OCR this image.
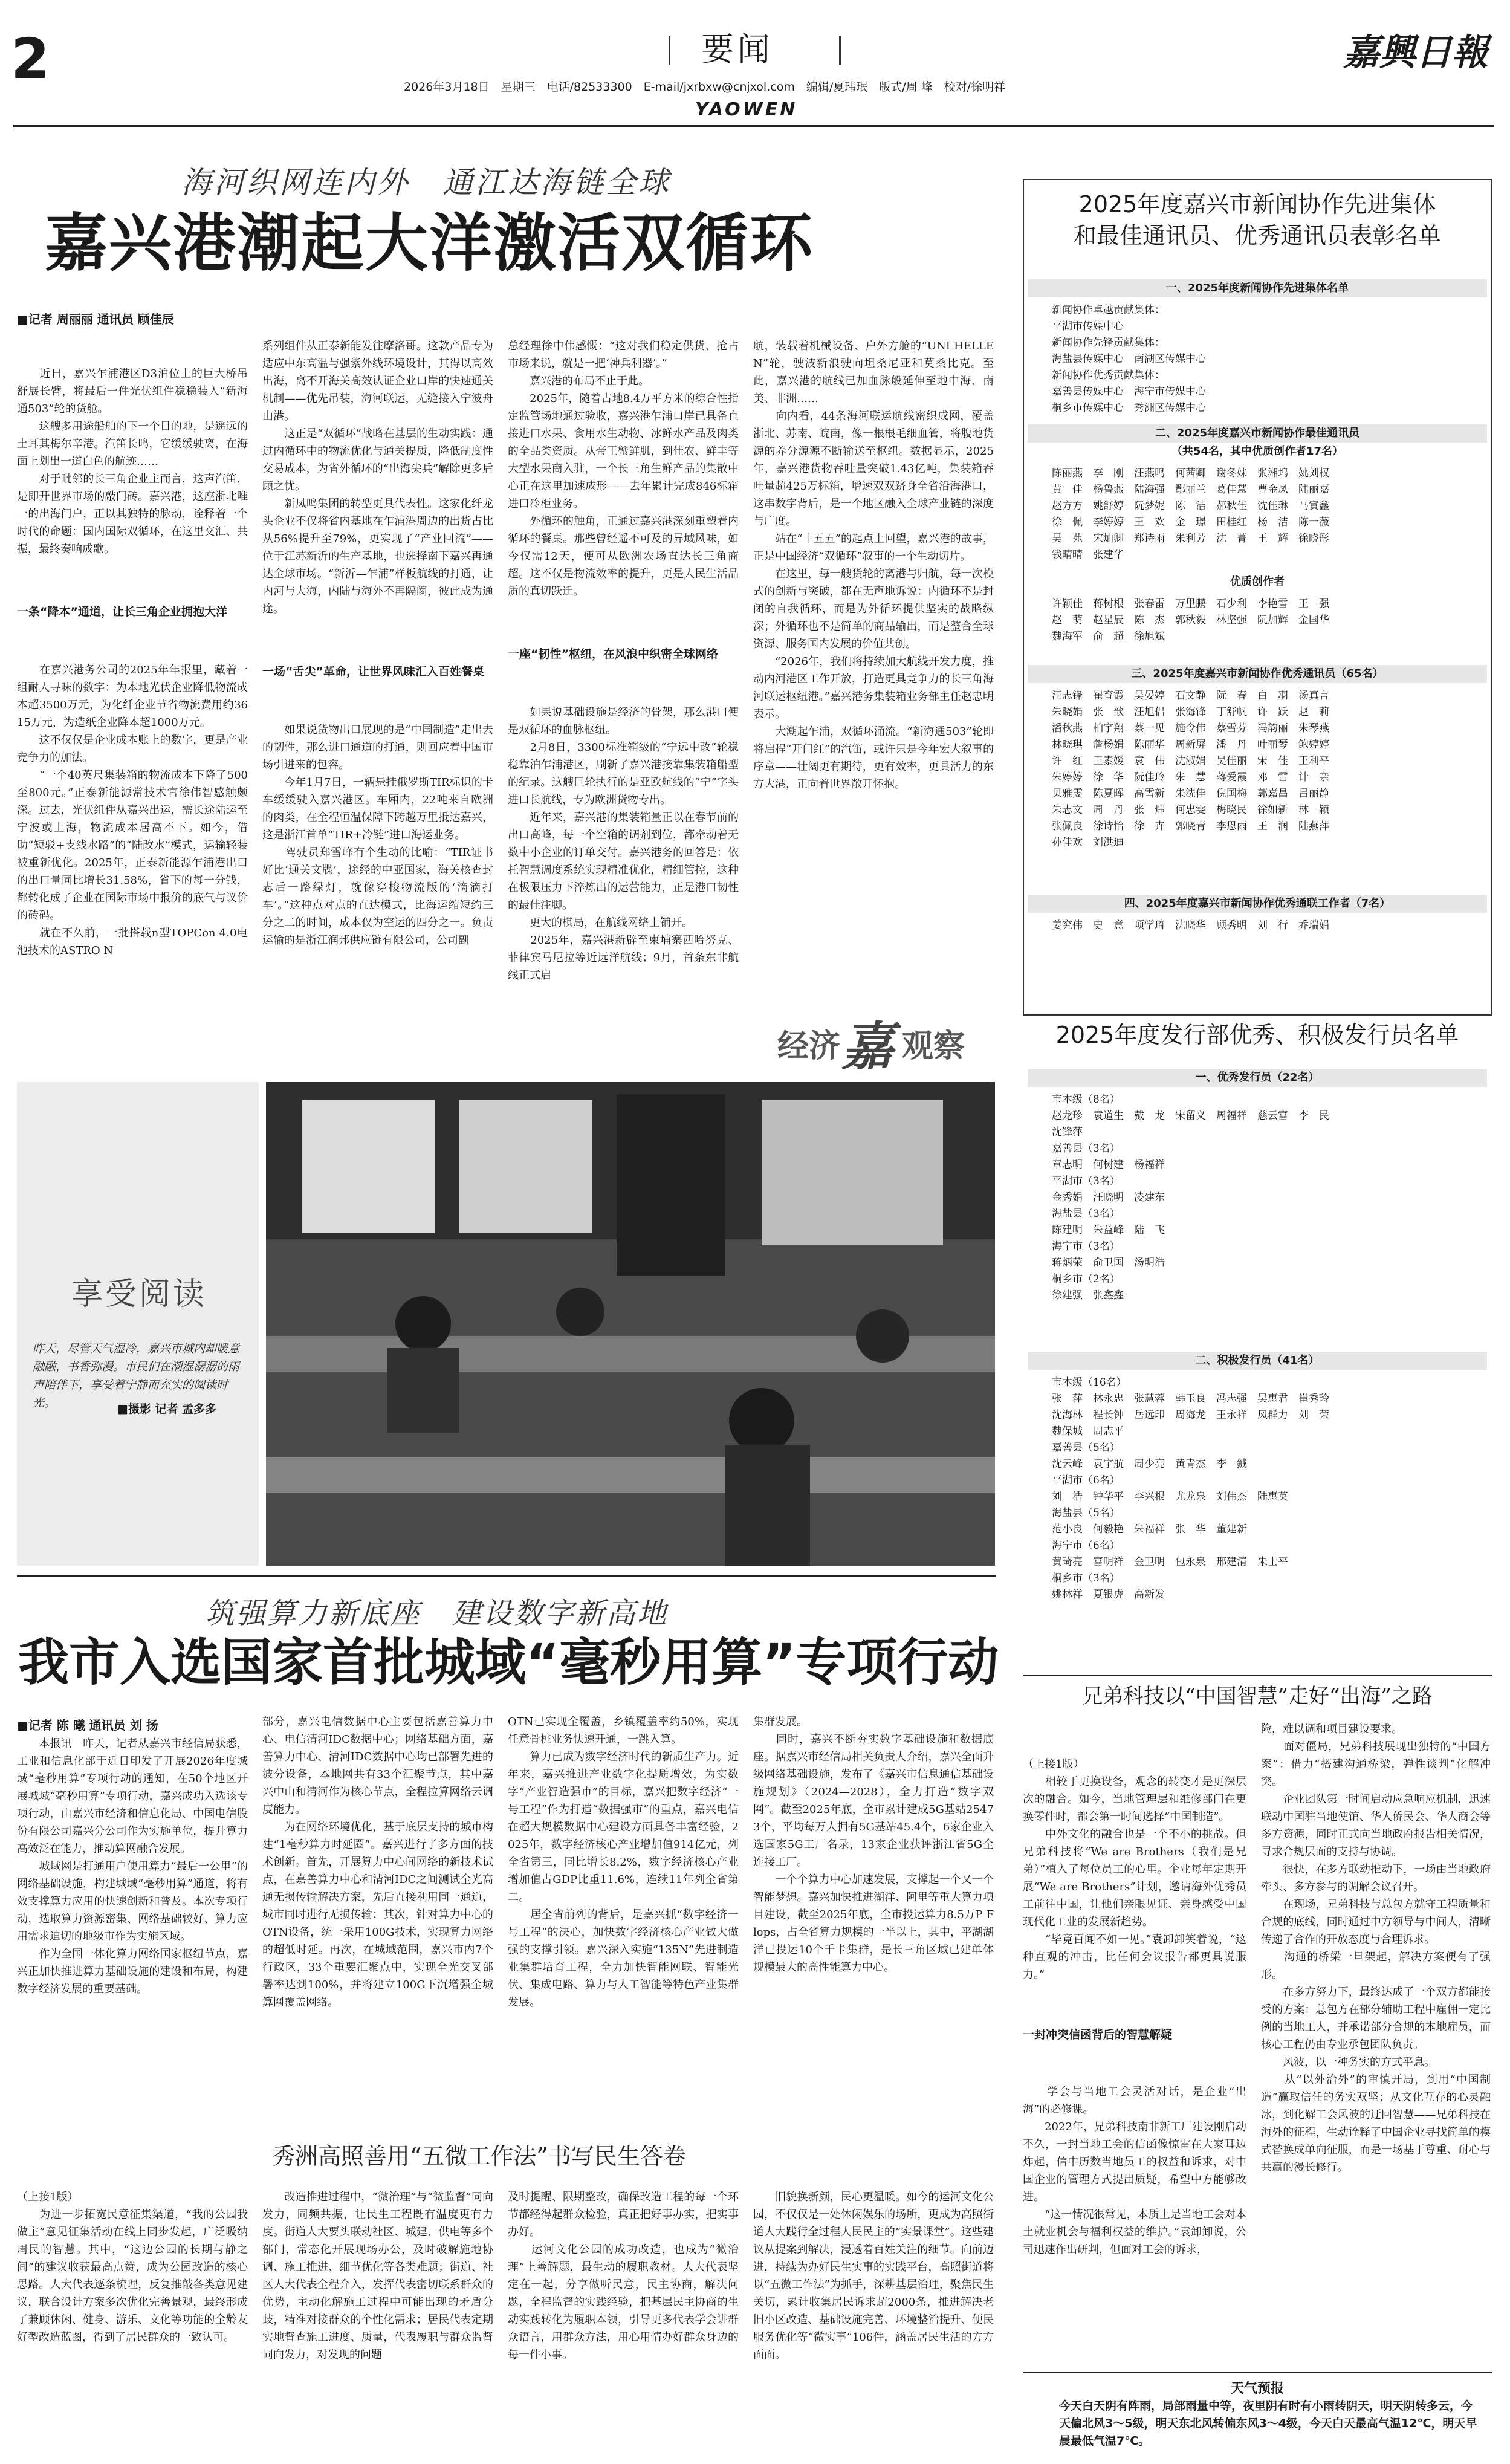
2	要闻
2026年3月18日　星期三　电话/82533300　E-mail/jxrbxw@cnjxol.com　编辑/夏玮珉　版式/周 峰　校对/徐明祥
YAOWEN
嘉興日報
海河织网连内外　通江达海链全球
嘉兴港潮起大洋激活双循环
■记者 周丽丽 通讯员 顾佳辰

　　近日，嘉兴乍浦港区D3泊位上的巨大桥吊舒展长臂，将最后一件光伏组件稳稳装入“新海通503”轮的货舱。
　　这艘多用途船舶的下一个目的地，是遥远的土耳其梅尔辛港。汽笛长鸣，它缓缓驶离，在海面上划出一道白色的航迹……
　　对于毗邻的长三角企业主而言，这声汽笛，是即开世界市场的敲门砖。嘉兴港，这座浙北唯一的出海门户，正以其独特的脉动，诠释着一个时代的命题：国内国际双循环，在这里交汇、共振，最终奏响成歌。

一条“降本”通道，让长三角企业拥抱大洋

　　在嘉兴港务公司的2025年年报里，藏着一组耐人寻味的数字：为本地光伏企业降低物流成本超3500万元，为化纤企业节省物流费用约3615万元，为造纸企业降本超1000万元。
　　这不仅仅是企业成本账上的数字，更是产业竞争力的加法。
　　“一个40英尺集装箱的物流成本下降了500至800元。”正泰新能源常技术官徐伟智感触颇深。过去，光伏组件从嘉兴出运，需长途陆运至宁波或上海，物流成本居高不下。如今，借助“短驳+支线水路”的“陆改水”模式，运输轻装被重新优化。2025年，正泰新能源乍浦港出口的出口量同比增长31.58%，省下的每一分钱，都转化成了企业在国际市场中报价的底气与议价的砖码。
　　就在不久前，一批搭载n型TOPCon 4.0电池技术的ASTRO N

系列组件从正泰新能发往摩洛哥。这款产品专为适应中东高温与强紫外线环境设计，其得以高效出海，离不开海关高效认证企业口岸的快速通关机制——优先吊装，海河联运，无缝接入宁波舟山港。
　　这正是“双循环”战略在基层的生动实践：通过内循环中的物流优化与通关提质，降低制度性交易成本，为省外循环的“出海尖兵”解除更多后顾之忧。
　　新凤鸣集团的转型更具代表性。这家化纤龙头企业不仅将省内基地在乍浦港周边的出货占比从56%提升至79%，更实现了“产业回流”——位于江苏新沂的生产基地，也选择南下嘉兴再通达全球市场。“新沂—乍浦”样板航线的打通，让内河与大海，内陆与海外不再隔阂，彼此成为通途。

一场“舌尖”革命，让世界风味汇入百姓餐桌

　　如果说货物出口展现的是“中国制造”走出去的韧性，那么进口通道的打通，则回应着中国市场引进来的包容。
　　今年1月7日，一辆悬挂俄罗斯TIR标识的卡车缓缓驶入嘉兴港区。车厢内，22吨来自欧洲的肉类，在全程恒温保障下跨越万里抵达嘉兴，这是浙江首单“TIR+冷链”进口海运业务。
　　驾驶员郑雪峰有个生动的比喻：“TIR证书好比‘通关文牒’，途经的中亚国家，海关核查封志后一路绿灯，就像穿梭物流版的‘滴滴打车’。”这种点对点的直达模式，比海运缩短约三分之二的时间，成本仅为空运的四分之一。负责运输的是浙江润邦供应链有限公司，公司副

总经理徐中伟感慨：“这对我们稳定供货、抢占市场来说，就是一把‘神兵利器’。”
　　嘉兴港的布局不止于此。
　　2025年，随着占地8.4万平方米的综合性指定监管场地通过验收，嘉兴港乍浦口岸已具备直接进口水果、食用水生动物、冰鲜水产品及肉类的全品类资质。从帝王蟹鲜肌，到佳农、鲜丰等大型水果商入驻，一个长三角生鲜产品的集散中心正在这里加速成形——去年累计完成846标箱进口冷柜业务。
　　外循环的触角，正通过嘉兴港深刻重塑着内循环的餐桌。那些曾经遥不可及的异域风味，如今仅需12天，便可从欧洲农场直达长三角商超。这不仅是物流效率的提升，更是人民生活品质的真切跃迁。

一座“韧性”枢纽，在风浪中织密全球网络

　　如果说基础设施是经济的骨架，那么港口便是双循环的血脉枢纽。
　　2月8日，3300标准箱级的“宁远中改”轮稳稳靠泊乍浦港区，刷新了嘉兴港接靠集装箱船型的纪录。这艘巨轮执行的是亚欧航线的“宁”字头进口长航线，专为欧洲货物专出。
　　近年来，嘉兴港的集装箱量正以在春节前的出口高峰，每一个空箱的调剂到位，都牵动着无数中小企业的订单交付。嘉兴港务的回答是：依托智慧调度系统实现精准优化，精细管控，这种在极限压力下淬炼出的运营能力，正是港口韧性的最佳注脚。
　　更大的棋局，在航线网络上铺开。
　　2025年，嘉兴港新辟至柬埔寨西哈努克、菲律宾马尼拉等近远洋航线；9月，首条东非航线正式启

航，装载着机械设备、户外方舱的“UNI HELLEN”轮，驶波新浪驶向坦桑尼亚和莫桑比克。至此，嘉兴港的航线已加血脉般延伸至地中海、南美、非洲……
　　向内看，44条海河联运航线密织成网，覆盖浙北、苏南、皖南，像一根根毛细血管，将腹地货源的养分源源不断输送至枢纽。数据显示，2025年，嘉兴港货物吞吐量突破1.43亿吨，集装箱吞吐量超425万标箱，增速双双跻身全省沿海港口，这串数字背后，是一个地区融入全球产业链的深度与广度。
　　站在“十五五”的起点上回望，嘉兴港的故事，正是中国经济“双循环”叙事的一个生动切片。
　　在这里，每一艘货轮的离港与归航，每一次模式的创新与突破，都在无声地诉说：内循环不是封闭的自我循环，而是为外循环提供坚实的战略纵深；外循环也不是简单的商品输出，而是整合全球资源、服务国内发展的价值共创。
　　“2026年，我们将持续加大航线开发力度，推动内河港区工作开放，打造更具竞争力的长三角海河联运枢纽港。”嘉兴港务集装箱业务部主任赵忠明表示。
　　大潮起乍浦，双循环涌流。“新海通503”轮即将启程“开门红”的汽笛，或许只是今年宏大叙事的序章——壮阔更有期待，更有效率，更具活力的东方大港，正向着世界敞开怀抱。

经济 嘉 观察
享受阅读
昨天，尽管天气湿冷，嘉兴市城内却暖意融融，书香弥漫。市民们在潮湿潺潺的雨声陪伴下，享受着宁静而充实的阅读时光。	■摄影 记者 孟多多
筑强算力新底座　建设数字新高地
我市入选国家首批城域“毫秒用算”专项行动
■记者 陈 曦 通讯员 刘 扬
　　本报讯　昨天，记者从嘉兴市经信局获悉，工业和信息化部于近日印发了开展2026年度城域“毫秒用算”专项行动的通知，在50个地区开展城域“毫秒用算”专项行动，嘉兴成功入选该专项行动，由嘉兴市经济和信息化局、中国电信股份有限公司嘉兴分公司作为实施单位，提升算力高效泛在能力，推动算网融合发展。
　　城域网是打通用户使用算力“最后一公里”的网络基础设施，构建城域“毫秒用算”通道，将有效支撑算力应用的快速创新和普及。本次专项行动，选取算力资源密集、网络基础较好、算力应用需求迫切的地级市作为实施区域。
　　作为全国一体化算力网络国家枢纽节点，嘉兴正加快推进算力基础设施的建设和布局，构建数字经济发展的重要基础。
部分，嘉兴电信数据中心主要包括嘉善算力中心、电信清河IDC数据中心；网络基础方面，嘉善算力中心、清河IDC数据中心均已部署先进的波分设备，本地网共有33个汇聚节点，其中嘉兴中山和清河作为核心节点，全程拉算网络云调度能力。
　　为在网络环境优化，基于底层支持的城市构建“1毫秒算力时延圈”。嘉兴进行了多方面的技术创新。首先，开展算力中心间网络的新技术试点，在嘉善算力中心和清河IDC之间测试全光高通无损传输解决方案，先后直接利用同一通道，城市同时进行无损传输；其次，针对算力中心的OTN设备，统一采用100G技术，实现算力网络的超低时延。再次，在城域范围，嘉兴市内7个行政区，33个重要汇聚点中，实现全光交叉部署率达到100%，并将建立100G下沉增强全城算网覆盖网络。
OTN已实现全覆盖，乡镇覆盖率约50%，实现任意骨桩业务快速开通，一跳入算。
　　算力已成为数字经济时代的新质生产力。近年来，嘉兴推进产业数字化提质增效，为实数字“产业智造强市”的目标，嘉兴把数字经济“一号工程”作为打造“数据强市”的重点，嘉兴电信在超大规模数据中心建设方面具备丰富经验，2025年，数字经济核心产业增加值914亿元，列全省第三，同比增长8.2%，数字经济核心产业增加值占GDP比重11.6%，连续11年列全省第二。
　　居全省前列的背后，是嘉兴抓“数字经济一号工程”的决心，加快数字经济核心产业做大做强的支撑引领。嘉兴深入实施“135N”先进制造业集群培育工程，全力加快智能网联、智能光伏、集成电路、算力与人工智能等特色产业集群发展。
集群发展。
　　同时，嘉兴不断夯实数字基础设施和数据底座。据嘉兴市经信局相关负责人介绍，嘉兴全面升级网络基础设施，发布了《嘉兴市信息通信基础设施规划》（2024—2028），全力打造“数字双网”。截至2025年底，全市累计建成5G基站25473个，平均每万人拥有5G基站45.4个，6家企业入选国家5G工厂名录，13家企业获评浙江省5G全连接工厂。
　　一个个算力中心加速发展，支撑起一个又一个智能梦想。嘉兴加快推进湖洋、阿里等重大算力项目建设，截至2025年底，全市投运算力8.5万P Flops，占全省算力规模的一半以上，其中，平湖湖洋已投运10个千卡集群，是长三角区域已建单体规模最大的高性能算力中心。
秀洲高照善用“五微工作法”书写民生答卷
（上接1版）
　　为进一步拓宽民意征集渠道，“我的公园我做主”意见征集活动在线上同步发起，广泛吸纳周民的智慧。其中，“这边公园的长期与静之间”的建议收获最高点赞，成为公园改造的核心思路。人大代表逐条梳理，反复推敲各类意见建议，联合设计方案多次优化完善景观，最终形成了兼顾休闲、健身、游乐、文化等功能的全龄友好型改造蓝图，得到了居民群众的一致认可。
　　改造推进过程中，“微治理”与“微监督”同向发力，同频共振，让民生工程既有温度更有力度。街道人大要头联动社区、城建、供电等多个部门，常态化开展现场办公，及时破解施地协调、施工推进、细节优化等各类难题；街道、社区人大代表全程介入，发挥代表密切联系群众的优势，主动化解施工过程中可能出现的矛盾分歧，精准对接群众的个性化需求；居民代表定期实地督查施工进度、质量，代表履职与群众监督同向发力，对发现的问题
及时提醒、限期整改，确保改造工程的每一个环节都经得起群众检验，真正把好事办实，把实事办好。
　　运河文化公园的成功改造，也成为“微治理”上善解题，最生动的履职教材。人大代表坚定在一起，分享做听民意，民主协商，解决问题，全程监督的实践经验，把基层民主协商的生动实践转化为履职本领，引导更多代表学会讲群众语言，用群众方法，用心用情办好群众身边的每一件小事。
　　旧貌换新颜，民心更温暖。如今的运河文化公园，不仅仅是一处休闲娱乐的场所，更成为高照街道人大践行全过程人民民主的“实景课堂”。这些建议从提案到解决，浸透着百姓关注的细节。向前迈进，持续为办好民生实事的实践平台，高照街道将以“五微工作法”为抓手，深耕基层治理，聚焦民生关切，累计收集居民诉求超2000条，推进解决老旧小区改造、基础设施完善、环境整治提升、便民服务优化等“微实事”106件，涵盖居民生活的方方面面。
2025年度嘉兴市新闻协作先进集体
和最佳通讯员、优秀通讯员表彰名单
一、2025年度新闻协作先进集体名单
新闻协作卓越贡献集体：
平湖市传媒中心
新闻协作先锋贡献集体：
海盐县传媒中心　南湖区传媒中心
新闻协作优秀贡献集体：
嘉善县传媒中心　海宁市传媒中心
桐乡市传媒中心　秀洲区传媒中心
二、2025年度嘉兴市新闻协作最佳通讯员
（共54名，其中优质创作者17名）
陈丽燕　李　刚　汪燕鸣　何茜卿　谢冬妹　张湘坞　姚刘权
黄　佳　杨鲁燕　陆海强　鄢丽兰　葛佳慧　曹金凤　陆丽嘉
赵方方　姚舒婷　阮梦妮　陈　洁　郝秋佳　沈佳琳　马寅鑫
徐　佩　李婷婷　王　欢　金　璟　田桂红　杨　洁　陈一薇
吴　苑　宋灿卿　郑诗雨　朱利芳　沈　菁　王　辉　徐晓彤
钱晴晴　张建华
优质创作者
许颖佳　蒋树根　张春雷　万里鹏　石少利　李艳雪　王　强
赵　萌　赵星辰　陈　杰　郭秋毅　林坚强　阮加辉　金国华
魏海军　俞　超　徐旭斌
三、2025年度嘉兴市新闻协作优秀通讯员（65名）
汪志锋　崔育霞　吴晏婷　石文静　阮　春　白　羽　汤真言
朱晓娟　张　歆　汪旭侣　张海锋　丁舒帆　许　跃　赵　莉
潘秋燕　柏宇翔　蔡一见　施令伟　蔡雪芬　冯韵丽　朱琴燕
林晓琪　詹杨娟　陈丽华　周新屏　潘　丹　叶丽琴　鲍婷婷
许　红　王素媛　袁　伟　沈淑娟　吴佳丽　宋　佳　王利平
朱婷婷　徐　华　阮佳玲　朱　慧　蒋爱霞　邓　雷　计　亲
贝雅雯　陈夏晖　高雪新　朱洗佳　倪国梅　郭嘉昌　吕丽静
朱志文　周　丹　张　炜　何忠雯　梅晓民　徐如新　林　颖
张佩良　徐诗怡　徐　卉　郭晓青　李恩雨　王　润　陆燕萍
孙佳欢　刘洪迪
四、2025年度嘉兴市新闻协作优秀通联工作者（7名）
姜究伟　史　意　项学琦　沈晓华　顾秀明　刘　行　乔瑞娟
2025年度发行部优秀、积极发行员名单
一、优秀发行员（22名）
市本级（8名）
赵龙珍　袁道生　戴　龙　宋留义　周福祥　慈云富　李　民
沈锋萍
嘉善县（3名）
章志明　何树建　杨福祥
平湖市（3名）
金秀娟　汪晓明　凌建东
海盐县（3名）
陈建明　朱益峰　陆　飞
海宁市（3名）
蒋炳荣　俞卫国　汤明浩
桐乡市（2名）
徐建强　张鑫鑫
二、积极发行员（41名）
市本级（16名）
张　萍　林永忠　张慧蓉　韩玉良　冯志强　吴惠君　崔秀玲
沈海林　程长钟　岳远印　周海龙　王永祥　凤群力　刘　荣
魏保城　周志平
嘉善县（5名）
沈云峰　袁宇航　周少亮　黄青杰　李　銊
平湖市（6名）
刘　浩　钟华平　李兴根　尤龙泉　刘伟杰　陆惠英
海盐县（5名）
范小良　何毅艳　朱福祥　张　华　董建新
海宁市（6名）
黄琦亮　富明祥　金卫明　包永泉　邢建清　朱士平
桐乡市（3名）
姚林祥　夏银虎　高新发
兄弟科技以“中国智慧”走好“出海”之路

（上接1版）
　　相较于更换设备，观念的转变才是更深层次的融合。如今，当地管理层和维修部门在更换零件时，都会第一时间选择“中国制造”。
　　中外文化的融合也是一个不小的挑战。但兄弟科技将“We are Brothers（我们是兄弟）”植入了每位员工的心里。企业每年定期开展“We are Brothers”计划，邀请海外优秀员工前往中国，让他们亲眼见证、亲身感受中国现代化工业的发展新趋势。
　　“毕竟百闻不如一见。”袁卸卸笑着说，“这种直观的冲击，比任何会议报告都更具说服力。”

一封冲突信函背后的智慧解疑

　　学会与当地工会灵活对话，是企业“出海”的必修课。
　　2022年，兄弟科技南非新工厂建设刚启动不久，一封当地工会的信函像惊雷在大家耳边炸起，信中历数当地员工的权益和诉求，对中国企业的管理方式提出质疑，希望中方能够改进。
　　“这一情况很常见，本质上是当地工会对本土就业机会与福利权益的维护。”袁卸卸说，公司迅速作出研判，但面对工会的诉求，

险，难以调和项目建设要求。
　　面对僵局，兄弟科技展现出独特的“中国方案”：借力“搭建沟通桥梁，弹性谈判”化解冲突。
　　企业团队第一时间启动应急响应机制，迅速联动中国驻当地使馆、华人侨民会、华人商会等多方资源，同时正式向当地政府报告相关情况，寻求合规层面的支持与协调。
　　很快，在多方联动推动下，一场由当地政府牵头、多方参与的调解会议召开。
　　在现场，兄弟科技与总包方就守工程质量和合规的底线，同时通过中方领导与中间人，清晰传递了合作的开放态度与合理诉求。
　　沟通的桥梁一旦架起，解决方案便有了强形。
　　在多方努力下，最终达成了一个双方都能接受的方案：总包方在部分辅助工程中雇佣一定比例的当地工人，并承诺部分合规的本地雇员，而核心工程仍由专业承包团队负责。
　　风波，以一种务实的方式平息。
　　从“以外治外”的审慎开局，到用“中国制造”赢取信任的务实双坚；从文化互存的心灵融冰，到化解工会风波的迂回智慧——兄弟科技在海外的征程，生动诠释了中国企业寻找简单的模式替换成单向征服，而是一场基于尊重、耐心与共赢的漫长修行。
天气预报
今天白天阴有阵雨，局部雨量中等，夜里阴有时有小雨转阴天，明天阴转多云，今天偏北风3～5级，明天东北风转偏东风3～4级，今天白天最高气温12℃，明天早晨最低气温7℃。
